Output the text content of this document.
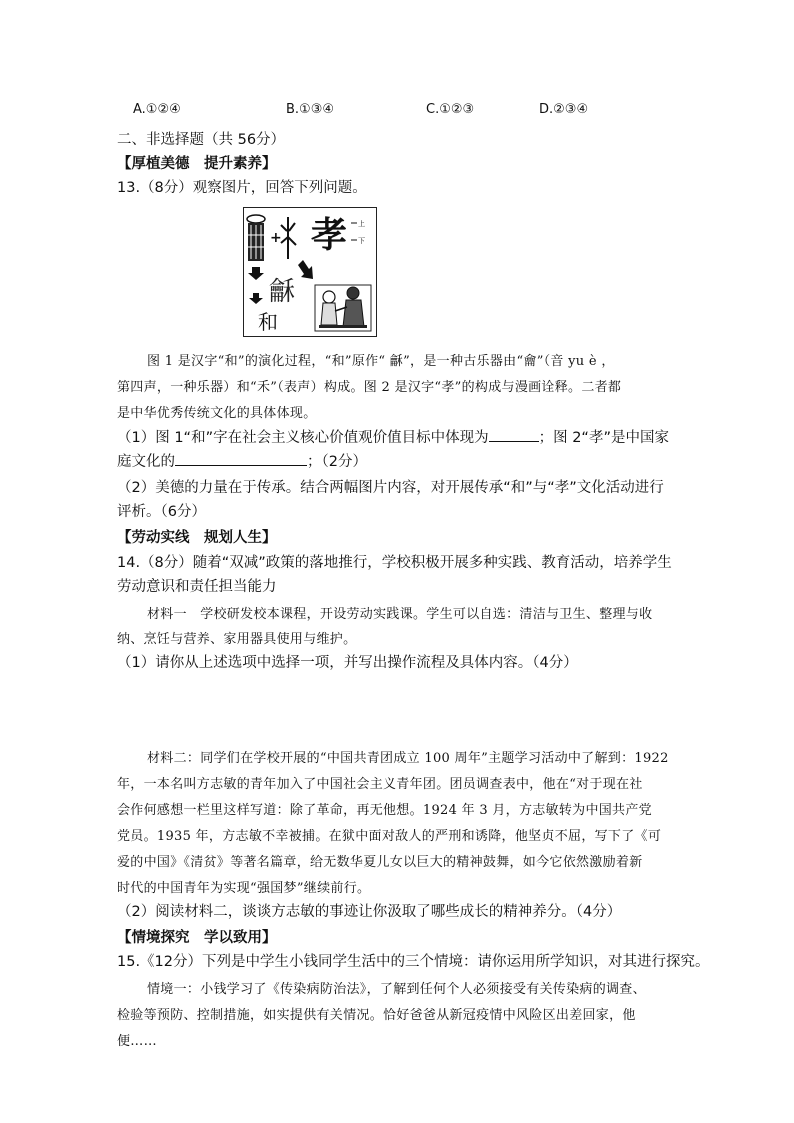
A.①②④	B.①③④	C.①②③	D.②③④
二、非选择题（共 56分）
【厚植美德　提升素养】
13.（8分）观察图片，回答下列问题。
+
龢
和
孝 上
下
图 1 是汉字“和”的演化过程，“和”原作“ 龢”，是一种古乐器由“龠”（音 yu è ，
第四声，一种乐器）和“禾”（表声）构成。图 2 是汉字“孝”的构成与漫画诠释。二者都
是中华优秀传统文化的具体体现。
（1）图 1“和”字在社会主义核心价值观价值目标中体现为	；图 2“孝”是中国家
庭文化的	；（2分）
（2）美德的力量在于传承。结合两幅图片内容，对开展传承“和”与“孝”文化活动进行
评析。（6分）
【劳动实线　规划人生】
14.（8分）随着“双减”政策的落地推行，学校积极开展多种实践、教育活动，培养学生
劳动意识和责任担当能力
材料一　学校研发校本课程，开设劳动实践课。学生可以自选：清洁与卫生、整理与收
纳、烹饪与营养、家用器具使用与维护。
（1）请你从上述选项中选择一项，并写出操作流程及具体内容。（4分）
材料二：同学们在学校开展的“中国共青团成立 100 周年”主题学习活动中了解到：1922
年，一本名叫方志敏的青年加入了中国社会主义青年团。团员调查表中，他在“对于现在社
会作何感想一栏里这样写道：除了革命，再无他想。1924 年 3 月，方志敏转为中国共产党
党员。1935 年，方志敏不幸被捕。在狱中面对敌人的严刑和诱降，他坚贞不屈，写下了《可
爱的中国》《清贫》等著名篇章，给无数华夏儿女以巨大的精神鼓舞，如今它依然激励着新
时代的中国青年为实现“强国梦”继续前行。
（2）阅读材料二，谈谈方志敏的事迹让你汲取了哪些成长的精神养分。（4分）
【情境探究　学以致用】
15.《12分）下列是中学生小钱同学生活中的三个情境：请你运用所学知识，对其进行探究。
情境一：小钱学习了《传染病防治法》，了解到任何个人必须接受有关传染病的调查、
检验等预防、控制措施，如实提供有关情况。恰好爸爸从新冠疫情中风险区出差回家，他
便……
